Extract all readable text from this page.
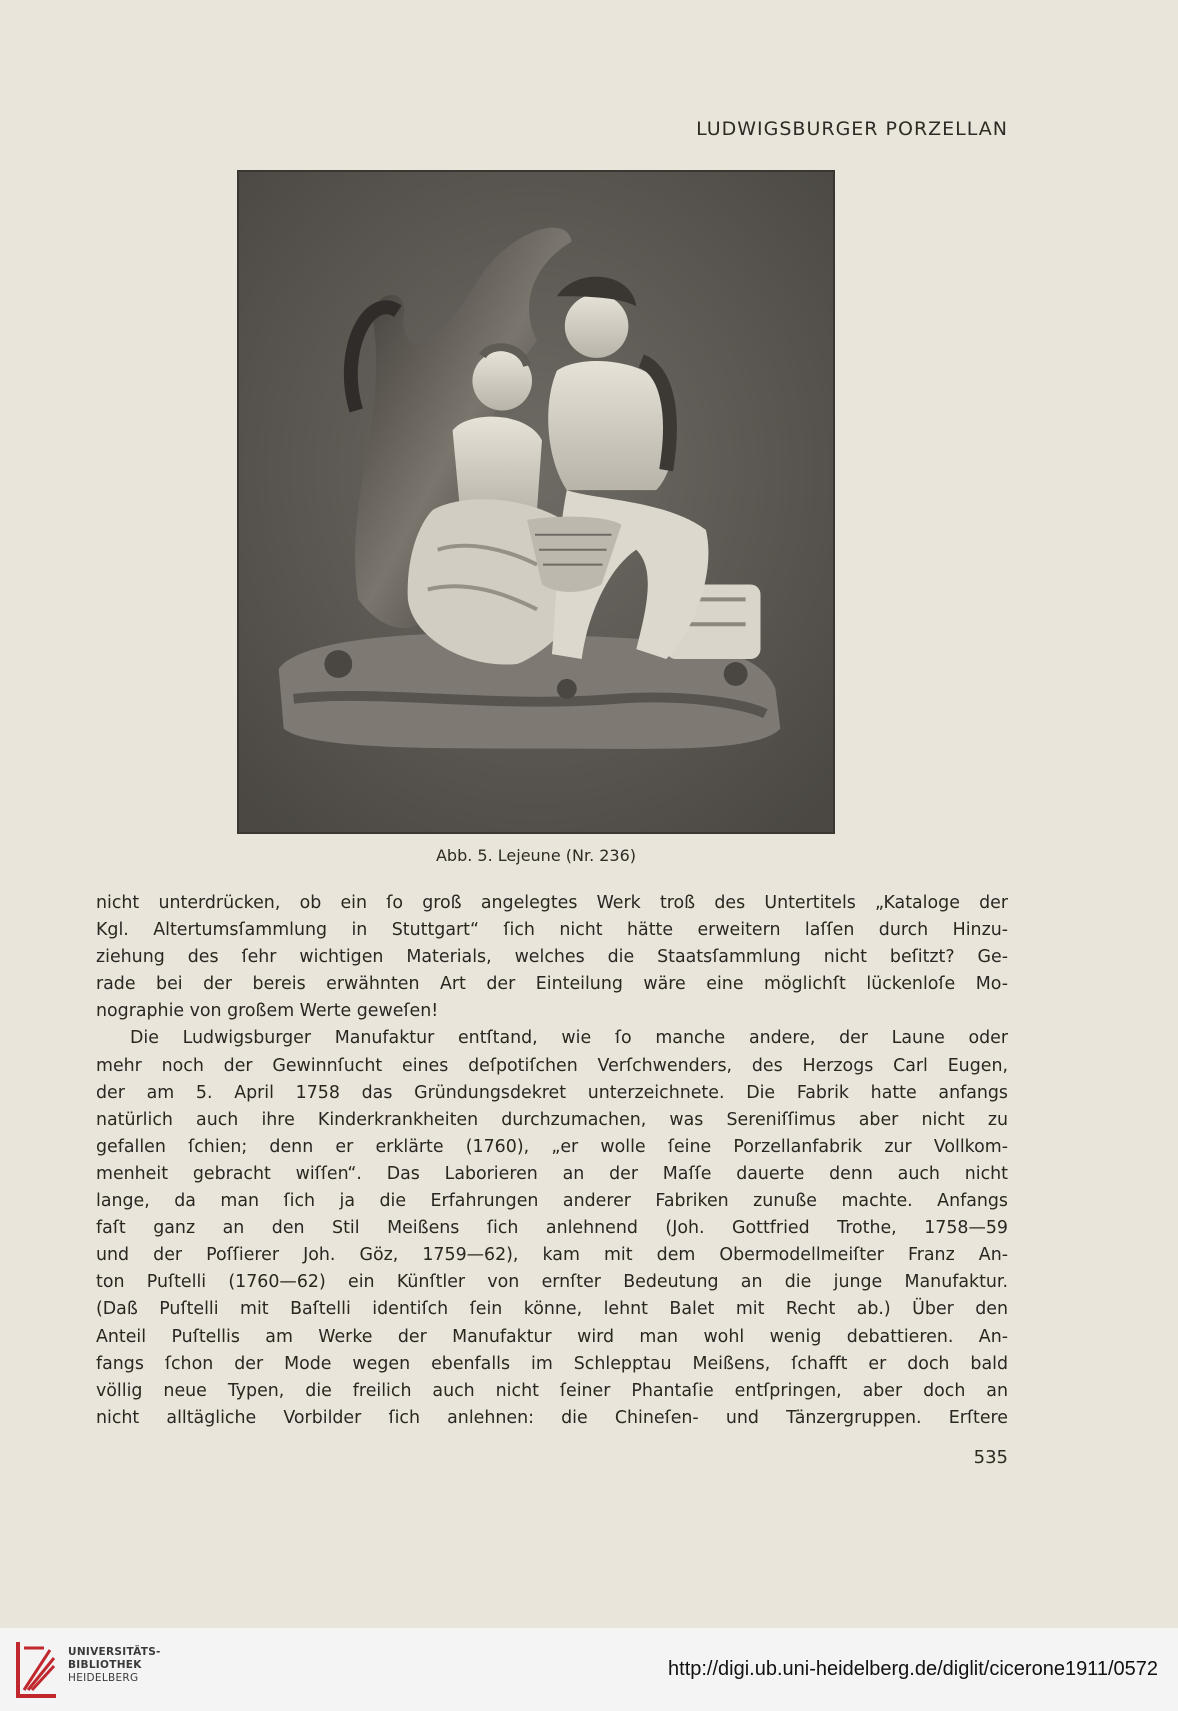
LUDWIGSBURGER PORZELLAN
Abb. 5. Lejeune (Nr. 236)
nicht unterdrücken, ob ein ſo groß angelegtes Werk troß des Untertitels „Kataloge der
Kgl. Altertumsſammlung in Stuttgart“ ſich nicht hätte erweitern laſſen durch Hinzu-
ziehung des ſehr wichtigen Materials, welches die Staatsſammlung nicht beſitzt? Ge-
rade bei der bereis erwähnten Art der Einteilung wäre eine möglichſt lückenloſe Mo-
nographie von großem Werte geweſen!
Die Ludwigsburger Manufaktur entſtand, wie ſo manche andere, der Laune oder
mehr noch der Gewinnſucht eines deſpotiſchen Verſchwenders, des Herzogs Carl Eugen,
der am 5. April 1758 das Gründungsdekret unterzeichnete. Die Fabrik hatte anfangs
natürlich auch ihre Kinderkrankheiten durchzumachen, was Sereniſſimus aber nicht zu
gefallen ſchien; denn er erklärte (1760), „er wolle ſeine Porzellanfabrik zur Vollkom-
menheit gebracht wiſſen“. Das Laborieren an der Maſſe dauerte denn auch nicht
lange, da man ſich ja die Erfahrungen anderer Fabriken zunuße machte. Anfangs
faſt ganz an den Stil Meißens ſich anlehnend (Joh. Gottfried Trothe, 1758—59
und der Poſſierer Joh. Göz, 1759—62), kam mit dem Obermodellmeiſter Franz An-
ton Puſtelli (1760—62) ein Künſtler von ernſter Bedeutung an die junge Manufaktur.
(Daß Puſtelli mit Baſtelli identiſch ſein könne, lehnt Balet mit Recht ab.) Über den
Anteil Puſtellis am Werke der Manufaktur wird man wohl wenig debattieren. An-
fangs ſchon der Mode wegen ebenfalls im Schlepptau Meißens, ſchafft er doch bald
völlig neue Typen, die freilich auch nicht ſeiner Phantaſie entſpringen, aber doch an
nicht alltägliche Vorbilder ſich anlehnen: die Chineſen- und Tänzergruppen. Erſtere
535
UNIVERSITÄTS-
BIBLIOTHEK
HEIDELBERG	http://digi.ub.uni-heidelberg.de/diglit/cicerone1911/0572
